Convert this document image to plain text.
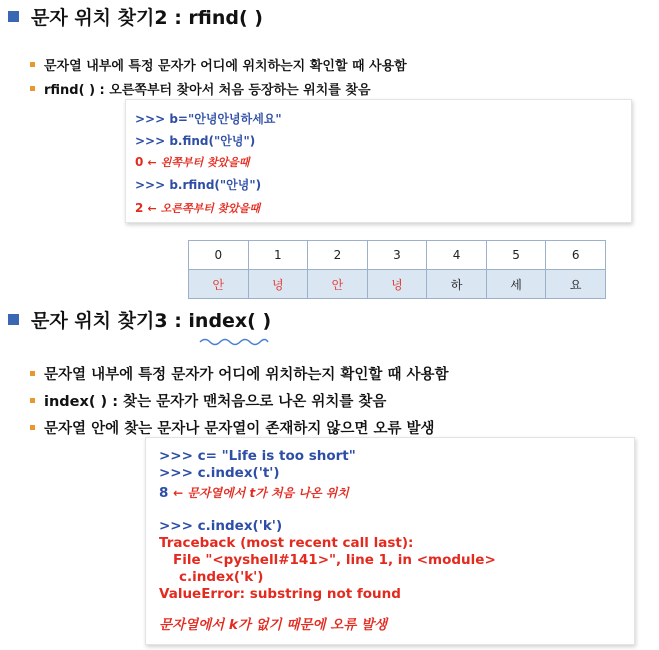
문자 위치 찾기2 : rfind( )
문자열 내부에 특정 문자가 어디에 위치하는지 확인할 때 사용함
rfind( ) : 오른쪽부터 찾아서 처음 등장하는 위치를 찾음
>>> b="안녕안녕하세요"
>>> b.find("안녕")
0 ← 왼쪽부터 찾았을때
>>> b.rfind("안녕")
2 ← 오른쪽부터 찾았을때
0	1	2	3	4	5	6
안	녕	안	녕	하	세	요
문자 위치 찾기3 : index( )
문자열 내부에 특정 문자가 어디에 위치하는지 확인할 때 사용함
index( ) : 찾는 문자가 맨처음으로 나온 위치를 찾음
문자열 안에 찾는 문자나 문자열이 존재하지 않으면 오류 발생
>>> c= "Life is too short"
>>> c.index('t')
8 ← 문자열에서 t가 처음 나온 위치
>>> c.index('k')
Traceback (most recent call last):
File "<pyshell#141>", line 1, in <module>
c.index('k')
ValueError: substring not found
문자열에서 k가 없기 때문에 오류 발생
